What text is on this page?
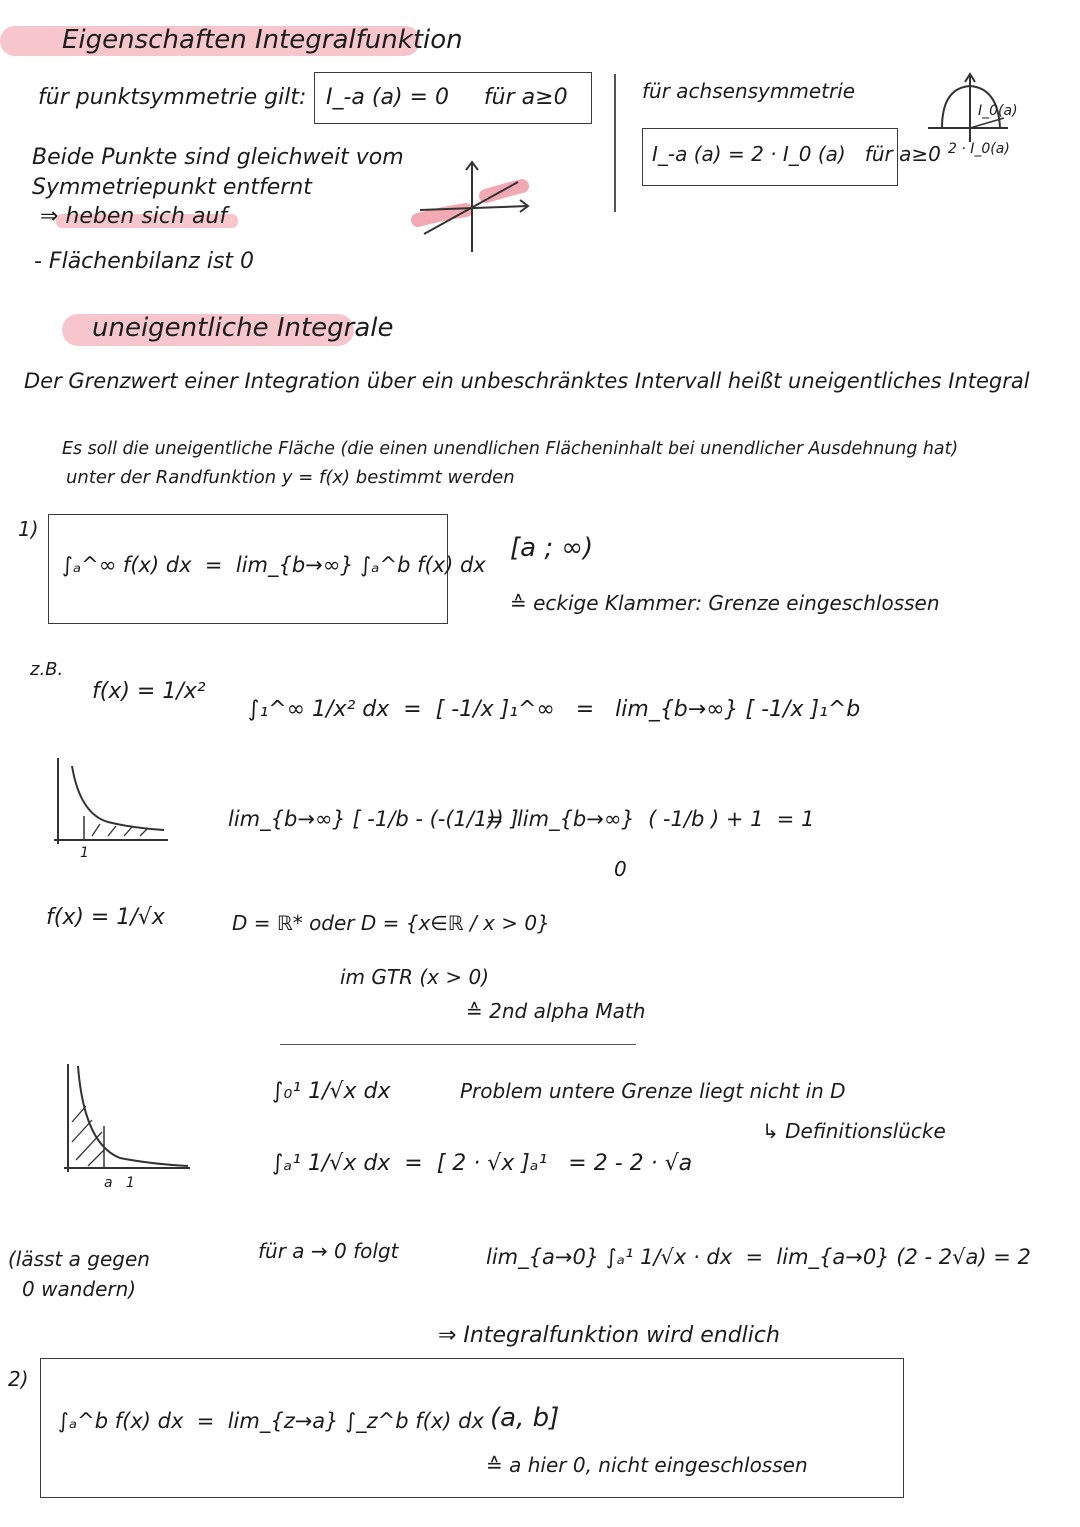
Eigenschaften Integralfunktion
für punktsymmetrie gilt: I_-a (a) = 0     für a≥0
Beide Punkte sind gleichweit vom
Symmetriepunkt entfernt
⇒ heben sich auf
- Flächenbilanz ist 0
für achsensymmetrie
I_-a (a) = 2 · I_0 (a)   für a≥0
I_0(a)
2 · I_0(a)
uneigentliche Integrale
Der Grenzwert einer Integration über ein unbeschränktes Intervall heißt uneigentliches Integral
Es soll die uneigentliche Fläche (die einen unendlichen Flächeninhalt bei unendlicher Ausdehnung hat)
unter der Randfunktion y = f(x) bestimmt werden
1)
∫ₐ^∞ f(x) dx  =  lim_{b→∞} ∫ₐ^b f(x) dx
[a ; ∞)
≙ eckige Klammer: Grenze eingeschlossen
z.B.
f(x) = 1/x²
∫₁^∞ 1/x² dx  =  [ -1/x ]₁^∞   =   lim_{b→∞} [ -1/x ]₁^b
lim_{b→∞} [ -1/b - (-(1/1)) ]
=  lim_{b→∞}  ( -1/b ) + 1  = 1
0
1
f(x) = 1/√x	D = ℝ* oder D = {x∈ℝ / x > 0}
im GTR (x > 0)
≙ 2nd alpha Math
a   1
∫₀¹ 1/√x dx	Problem untere Grenze liegt nicht in D
↳ Definitionslücke
∫ₐ¹ 1/√x dx  =  [ 2 · √x ]ₐ¹   = 2 - 2 · √a
(lässt a gegen
0 wandern)
für a → 0 folgt	lim_{a→0} ∫ₐ¹ 1/√x · dx  =  lim_{a→0} (2 - 2√a) = 2
⇒ Integralfunktion wird endlich
2)
∫ₐ^b f(x) dx  =  lim_{z→a} ∫_z^b f(x) dx (a, b]
≙ a hier 0, nicht eingeschlossen
